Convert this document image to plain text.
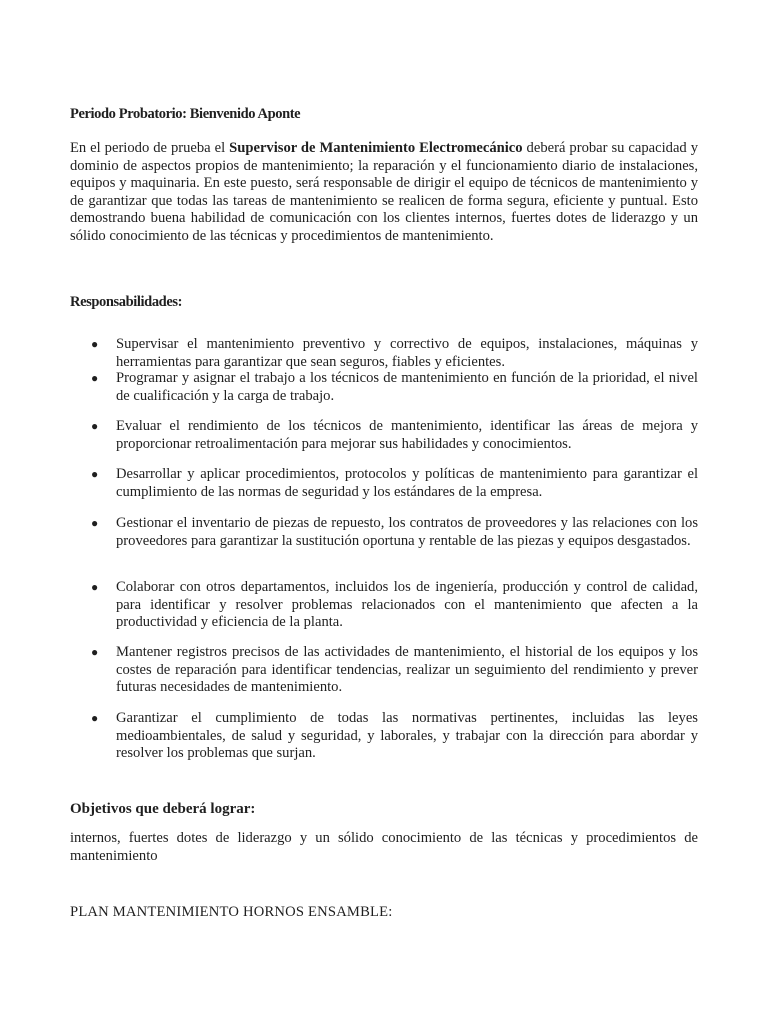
Periodo Probatorio: Bienvenido Aponte

En el periodo de prueba el Supervisor de Mantenimiento Electromecánico deberá probar su capacidad y dominio de aspectos propios de mantenimiento; la reparación y el funcionamiento diario de instalaciones, equipos y maquinaria. En este puesto, será responsable de dirigir el equipo de técnicos de mantenimiento y de garantizar que todas las tareas de mantenimiento se realicen de forma segura, eficiente y puntual. Esto demostrando buena habilidad de comunicación con los clientes internos, fuertes dotes de liderazgo y un sólido conocimiento de las técnicas y procedimientos de mantenimiento.

Responsabilidades:

● Supervisar el mantenimiento preventivo y correctivo de equipos, instalaciones, máquinas y herramientas para garantizar que sean seguros, fiables y eficientes.

● Programar y asignar el trabajo a los técnicos de mantenimiento en función de la prioridad, el nivel de cualificación y la carga de trabajo.

● Evaluar el rendimiento de los técnicos de mantenimiento, identificar las áreas de mejora y proporcionar retroalimentación para mejorar sus habilidades y conocimientos.

● Desarrollar y aplicar procedimientos, protocolos y políticas de mantenimiento para garantizar el cumplimiento de las normas de seguridad y los estándares de la empresa.

● Gestionar el inventario de piezas de repuesto, los contratos de proveedores y las relaciones con los proveedores para garantizar la sustitución oportuna y rentable de las piezas y equipos desgastados.

● Colaborar con otros departamentos, incluidos los de ingeniería, producción y control de calidad, para identificar y resolver problemas relacionados con el mantenimiento que afecten a la productividad y eficiencia de la planta.

● Mantener registros precisos de las actividades de mantenimiento, el historial de los equipos y los costes de reparación para identificar tendencias, realizar un seguimiento del rendimiento y prever futuras necesidades de mantenimiento.

● Garantizar el cumplimiento de todas las normativas pertinentes, incluidas las leyes medioambientales, de salud y seguridad, y laborales, y trabajar con la dirección para abordar y resolver los problemas que surjan.

Objetivos que deberá lograr:

internos, fuertes dotes de liderazgo y un sólido conocimiento de las técnicas y procedimientos de mantenimiento

PLAN MANTENIMIENTO HORNOS ENSAMBLE:
